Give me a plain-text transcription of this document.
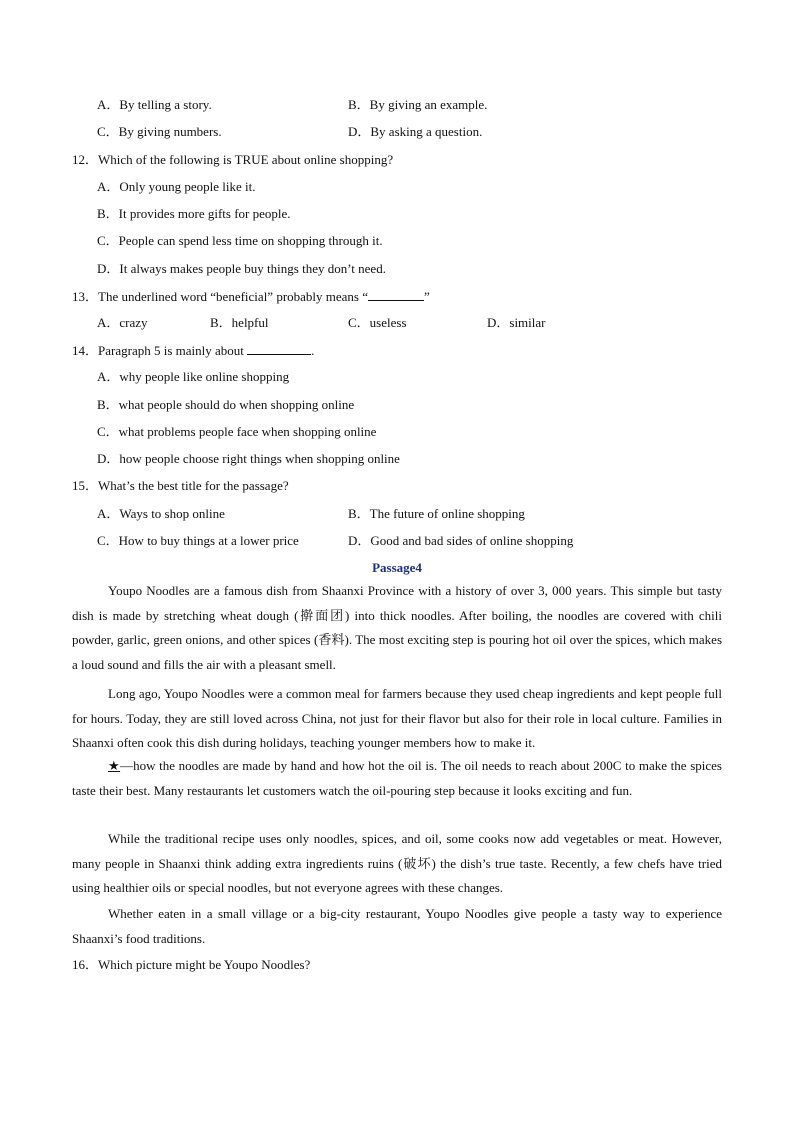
A．By telling a story.	B．By giving an example.
C．By giving numbers.	D．By asking a question.
12．Which of the following is TRUE about online shopping?
A．Only young people like it.
B．It provides more gifts for people.
C．People can spend less time on shopping through it.
D．It always makes people buy things they don’t need.
13．The underlined word “beneficial” probably means “	”
A．crazy	B．helpful	C．useless	D．similar
14．Paragraph 5 is mainly about	.
A．why people like online shopping
B．what people should do when shopping online
C．what problems people face when shopping online
D．how people choose right things when shopping online
15．What’s the best title for the passage?
A．Ways to shop online	B．The future of online shopping
C．How to buy things at a lower price	D．Good and bad sides of online shopping
Passage4
Youpo Noodles are a famous dish from Shaanxi Province with a history of over 3, 000 years. This simple but tasty dish is made by stretching wheat dough (擀面团) into thick noodles. After boiling, the noodles are covered with chili powder, garlic, green onions, and other spices (香料). The most exciting step is pouring hot oil over the spices, which makes a loud sound and fills the air with a pleasant smell.
Long ago, Youpo Noodles were a common meal for farmers because they used cheap ingredients and kept people full for hours. Today, they are still loved across China, not just for their flavor but also for their role in local culture. Families in Shaanxi often cook this dish during holidays, teaching younger members how to make it.
★—how the noodles are made by hand and how hot the oil is. The oil needs to reach about 200C to make the spices taste their best. Many restaurants let customers watch the oil-pouring step because it looks exciting and fun.
While the traditional recipe uses only noodles, spices, and oil, some cooks now add vegetables or meat. However, many people in Shaanxi think adding extra ingredients ruins (破坏) the dish’s true taste. Recently, a few chefs have tried using healthier oils or special noodles, but not everyone agrees with these changes.
Whether eaten in a small village or a big-city restaurant, Youpo Noodles give people a tasty way to experience Shaanxi’s food traditions.
16．Which picture might be Youpo Noodles?
